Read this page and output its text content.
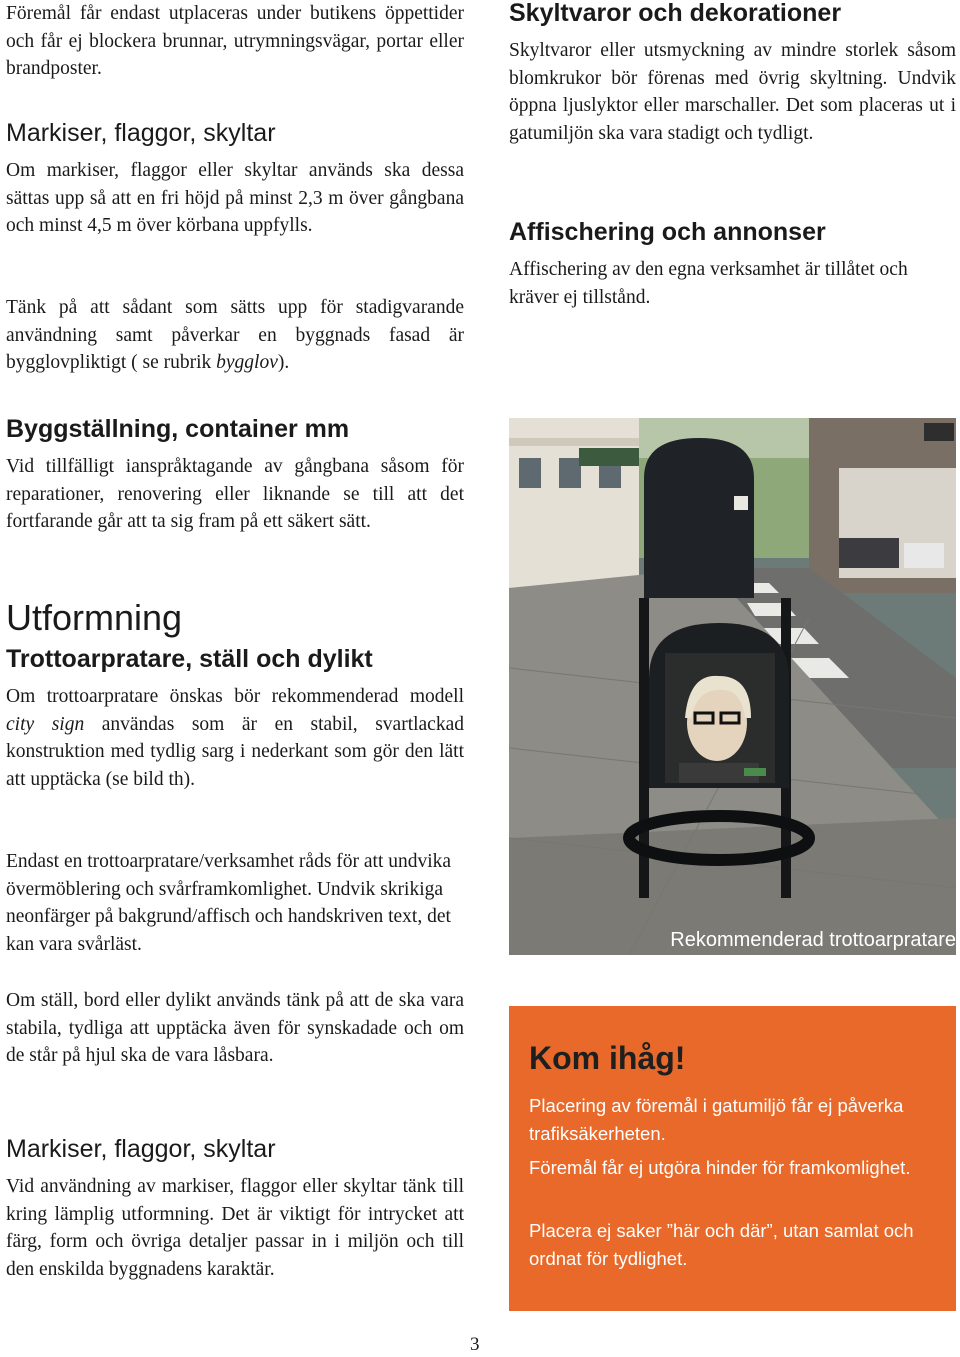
Föremål får endast utplaceras under butikens öppettider och får ej blockera brunnar, utrymningsvägar, portar eller brandposter.

Markiser, flaggor, skyltar

Om markiser, flaggor eller skyltar används ska dessa sättas upp så att en fri höjd på minst 2,3 m över gångbana och minst 4,5 m över körbana uppfylls.

Tänk på att sådant som sätts upp för stadigvarande användning samt påverkar en byggnads fasad är bygglovpliktigt ( se rubrik bygglov).

Byggställning, container mm

Vid tillfälligt ianspråktagande av gångbana såsom för reparationer, renovering eller liknande se till att det fortfarande går att ta sig fram på ett säkert sätt.

Utformning
Trottoarpratare, ställ och dylikt

Om trottoarpratare önskas bör rekommenderad modell city sign användas som är en stabil, svartlackad konstruktion med tydlig sarg i nederkant som gör den lätt att upptäcka (se bild th).

Endast en trottoarpratare/verksamhet råds för att undvika övermöblering och svårframkomlighet. Undvik skrikiga neonfärger på bakgrund/affisch och handskriven text, det kan vara svårläst.

Om ställ, bord eller dylikt används tänk på att de ska vara stabila, tydliga att upptäcka även för synskadade och om de står på hjul ska de vara låsbara.

Markiser, flaggor, skyltar

Vid användning av markiser, flaggor eller skyltar tänk till kring lämplig utformning. Det är viktigt för intrycket att färg, form och övriga detaljer passar in i miljön och till den enskilda byggnadens karaktär.

Skyltvaror och dekorationer

Skyltvaror eller utsmyckning av mindre storlek såsom blomkrukor bör förenas med övrig skyltning. Undvik öppna ljuslyktor eller marschaller. Det som placeras ut i gatumiljön ska vara stadigt och tydligt.

Affischering och annonser

Affischering av den egna verksamhet är tillåtet och kräver ej tillstånd.

Rekommenderad trottoarpratare
Kom ihåg!

Placering av föremål i gatumiljö får ej påverka trafiksäkerheten.

Föremål får ej utgöra hinder för framkomlighet.

Placera ej saker ”här och där”, utan samlat och ordnat för tydlighet.

3
